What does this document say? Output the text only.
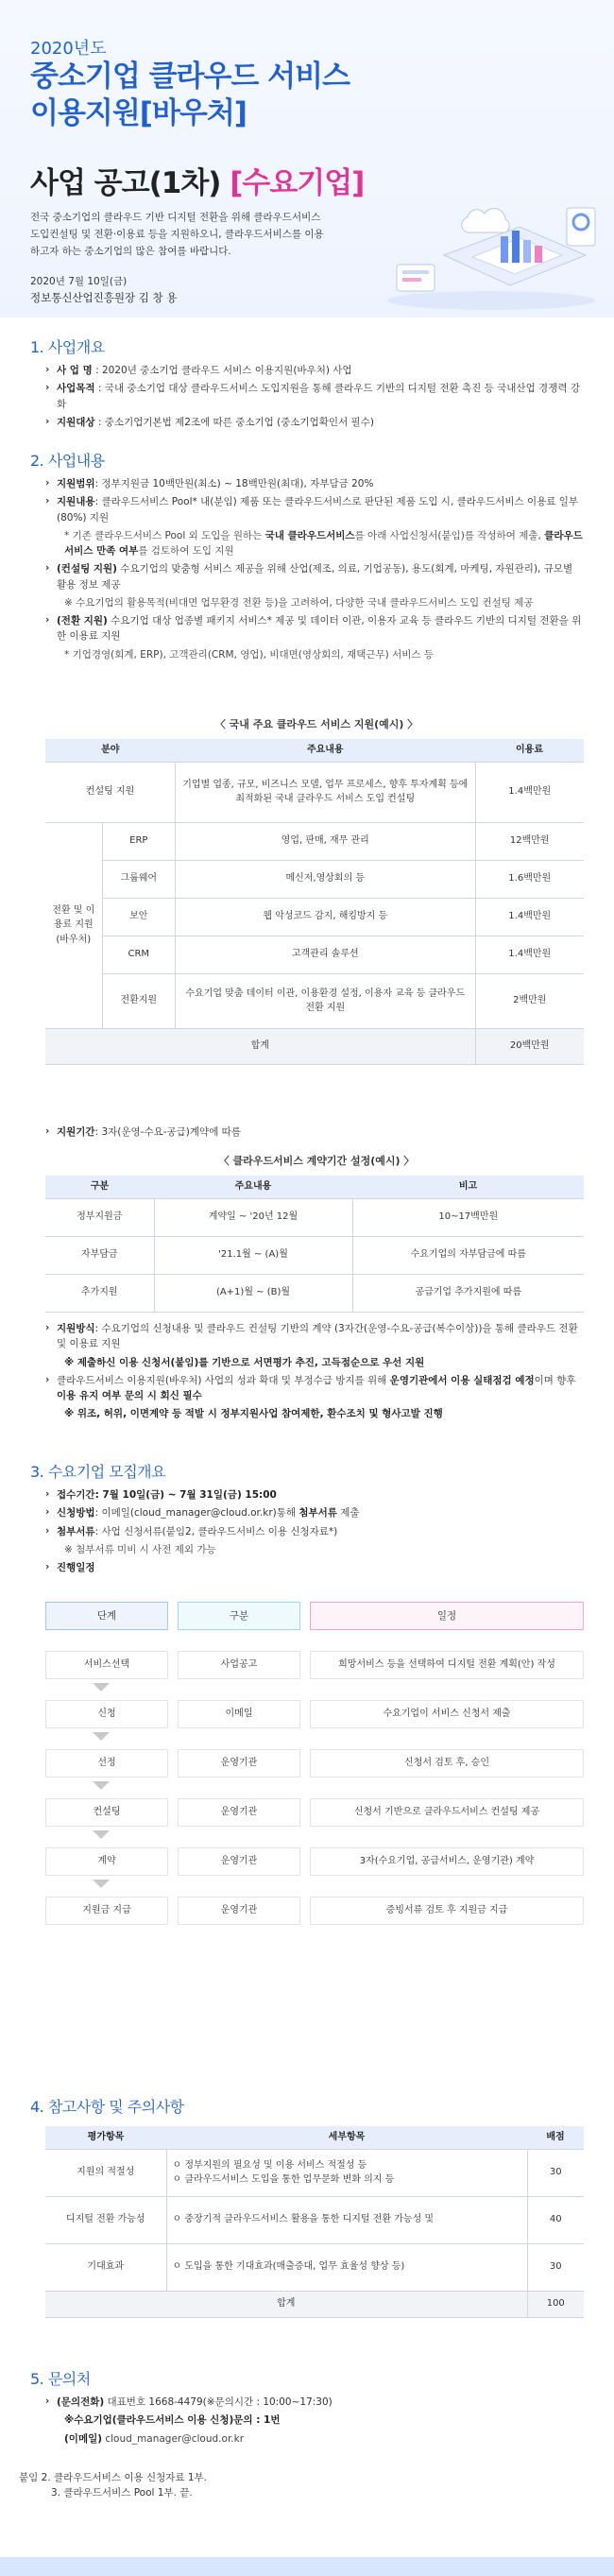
2020년도
중소기업 클라우드 서비스
이용지원[바우처]
사업 공고(1차) [수요기업]
전국 중소기업의 클라우드 기반 디지털 전환을 위해 클라우드서비스 도입컨설팅 및 전환·이용료 등을 지원하오니, 클라우드서비스를 이용하고자 하는 중소기업의 많은 참여를 바랍니다.
2020년 7월 10일(금)
정보통신산업진흥원장 김 창 용
1. 사업개요
› 사 업 명 : 2020년 중소기업 클라우드 서비스 이용지원(바우처) 사업
› 사업목적 : 국내 중소기업 대상 클라우드서비스 도입지원을 통해 클라우드 기반의 디지털 전환 촉진 등 국내산업 경쟁력 강화
› 지원대상 : 중소기업기본법 제2조에 따른 중소기업 (중소기업확인서 필수)
2. 사업내용
› 지원범위: 정부지원금 10백만원(최소) ~ 18백만원(최대), 자부담금 20%
› 지원내용: 클라우드서비스 Pool* 내(분임) 제품 또는 클라우드서비스로 판단된 제품 도입 시, 클라우드서비스 이용료 일부(80%) 지원
* 기존 클라우드서비스 Pool 외 도입을 원하는 국내 클라우드서비스를 아래 사업신청서(붙임)를 작성하여 제출, 클라우드서비스 만족 여부를 검토하여 도입 지원
› (컨설팅 지원) 수요기업의 맞춤형 서비스 제공을 위해 산업(제조, 의료, 기업공동), 용도(회계, 마케팅, 자원관리), 규모별 활용 정보 제공
※ 수요기업의 활용목적(비대면 업무환경 전환 등)을 고려하여, 다양한 국내 클라우드서비스 도입 컨설팅 제공
› (전환 지원) 수요기업 대상 업종별 패키지 서비스* 제공 및 데이터 이관, 이용자 교육 등 클라우드 기반의 디지털 전환을 위한 이용료 지원
* 기업경영(회계, ERP), 고객관리(CRM, 영업), 비대면(영상회의, 재택근무) 서비스 등
〈 국내 주요 클라우드 서비스 지원(예시) 〉
분야		주요내용	이용료
컨설팅 지원		기업별 업종, 규모, 비즈니스 모델, 업무 프로세스, 향후 투자계획 등에 최적화된 국내 클라우드 서비스 도입 컨설팅	1.4백만원
전환 및 이용료 지원 (바우처)	ERP	영업, 판매, 재무 관리	12백만원
	그룹웨어	메신저,영상회의 등	1.6백만원
	보안	웹 악성코드 감지, 해킹방지 등	1.4백만원
	CRM	고객관리 솔루션	1.4백만원
	전환지원	수요기업 맞춤 데이터 이관, 이용환경 설정, 이용자 교육 등 클라우드 전환 지원	2백만원
합계			20백만원
› 지원기간: 3자(운영-수요-공급)계약에 따름
〈 클라우드서비스 계약기간 설정(예시) 〉
구분	주요내용	비고
정부지원금	계약일 ~ '20년 12월	10~17백만원
자부담금	'21.1월 ~ (A)월	수요기업의 자부담금에 따름
추가지원	(A+1)월 ~ (B)월	공급기업 추가지원에 따름
› 지원방식: 수요기업의 신청내용 및 클라우드 컨설팅 기반의 계약 (3자간(운영-수요-공급(복수이상))을 통해 클라우드 전환 및 이용료 지원
※ 제출하신 이용 신청서(붙임)를 기반으로 서면평가 추진, 고득점순으로 우선 지원
› 클라우드서비스 이용지원(바우처) 사업의 성과 확대 및 부정수급 방지를 위해 운영기관에서 이용 실태점검 예정이며 향후 이용 유지 여부 문의 시 회신 필수
※ 위조, 허위, 이면계약 등 적발 시 정부지원사업 참여제한, 환수조치 및 형사고발 진행
3. 수요기업 모집개요
› 접수기간: 7월 10일(금) ~ 7월 31일(금) 15:00
› 신청방법: 이메일(cloud_manager@cloud.or.kr)통해 첨부서류 제출
› 첨부서류: 사업 신청서류(붙임2, 클라우드서비스 이용 신청자료*)
※ 첨부서류 미비 시 사전 제외 가능
› 진행일정
단계	구분	일정
서비스선택	사업공고	희망서비스 등을 선택하여 디지털 전환 계획(안) 작성
신청	이메일	수요기업이 서비스 신청서 제출
선정	운영기관	신청서 검토 후, 승인
컨설팅	운영기관	신청서 기반으로 클라우드서비스 컨설팅 제공
계약	운영기관	3자(수요기업, 공급서비스, 운영기관) 계약
지원금 지급	운영기관	증빙서류 검토 후 지원금 지급
4. 참고사항 및 주의사항
평가항목	세부항목	배점
지원의 적절성	ㅇ 정부지원의 필요성 및 이용 서비스 적절성 등
ㅇ 클라우드서비스 도입을 통한 업무문화 변화 의지 등	30
디지털 전환 가능성	ㅇ 중장기적 클라우드서비스 활용을 통한 디지털 전환 가능성 및	40
기대효과	ㅇ 도입을 통한 기대효과(매출증대, 업무 효율성 향상 등)	30
합계		100
5. 문의처
› (문의전화) 대표번호 1668-4479(※문의시간 : 10:00~17:30)
※수요기업(클라우드서비스 이용 신청)문의 : 1번
(이메일) cloud_manager@cloud.or.kr
붙임 2. 클라우드서비스 이용 신청자료 1부.
3. 클라우드서비스 Pool 1부. 끝.
